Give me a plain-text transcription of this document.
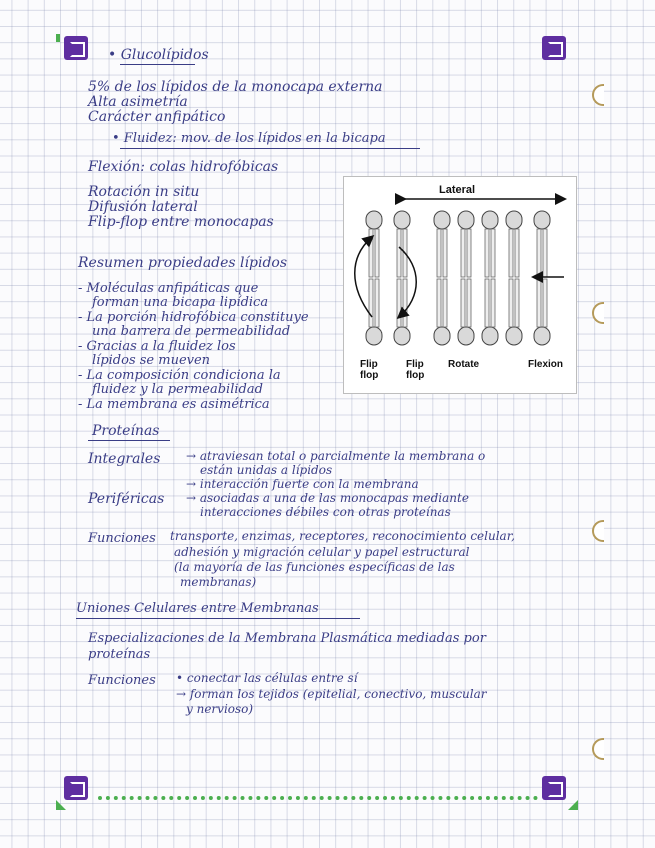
• Glucolípidos
5% de los lípidos de la monocapa externa
Alta asimetría
Carácter anfipático
• Fluidez: mov. de los lípidos en la bicapa
Flexión: colas hidrofóbicas
Rotación in situ
Difusión lateral
Flip-flop entre monocapas
Resumen propiedades lípidos
- Moléculas anfipáticas que
forman una bicapa lipídica
- La porción hidrofóbica constituye
una barrera de permeabilidad
- Gracias a la fluidez los
lípidos se mueven
- La composición condiciona la
fluidez y la permeabilidad
- La membrana es asimétrica
Lateral
Flip
flop
Flip
flop
Rotate	Flexion
Proteínas
Integrales → atraviesan total o parcialmente la membrana o
están unidas a lípidos
→ interacción fuerte con la membrana
Periféricas → asociadas a una de las monocapas mediante
interacciones débiles con otras proteínas
Funciones transporte, enzimas, receptores, reconocimiento celular,
adhesión y migración celular y papel estructural
(la mayoría de las funciones específicas de las
membranas)
Uniones Celulares entre Membranas
Especializaciones de la Membrana Plasmática mediadas por
proteínas
Funciones • conectar las células entre sí
→ forman los tejidos (epitelial, conectivo, muscular
y nervioso)
